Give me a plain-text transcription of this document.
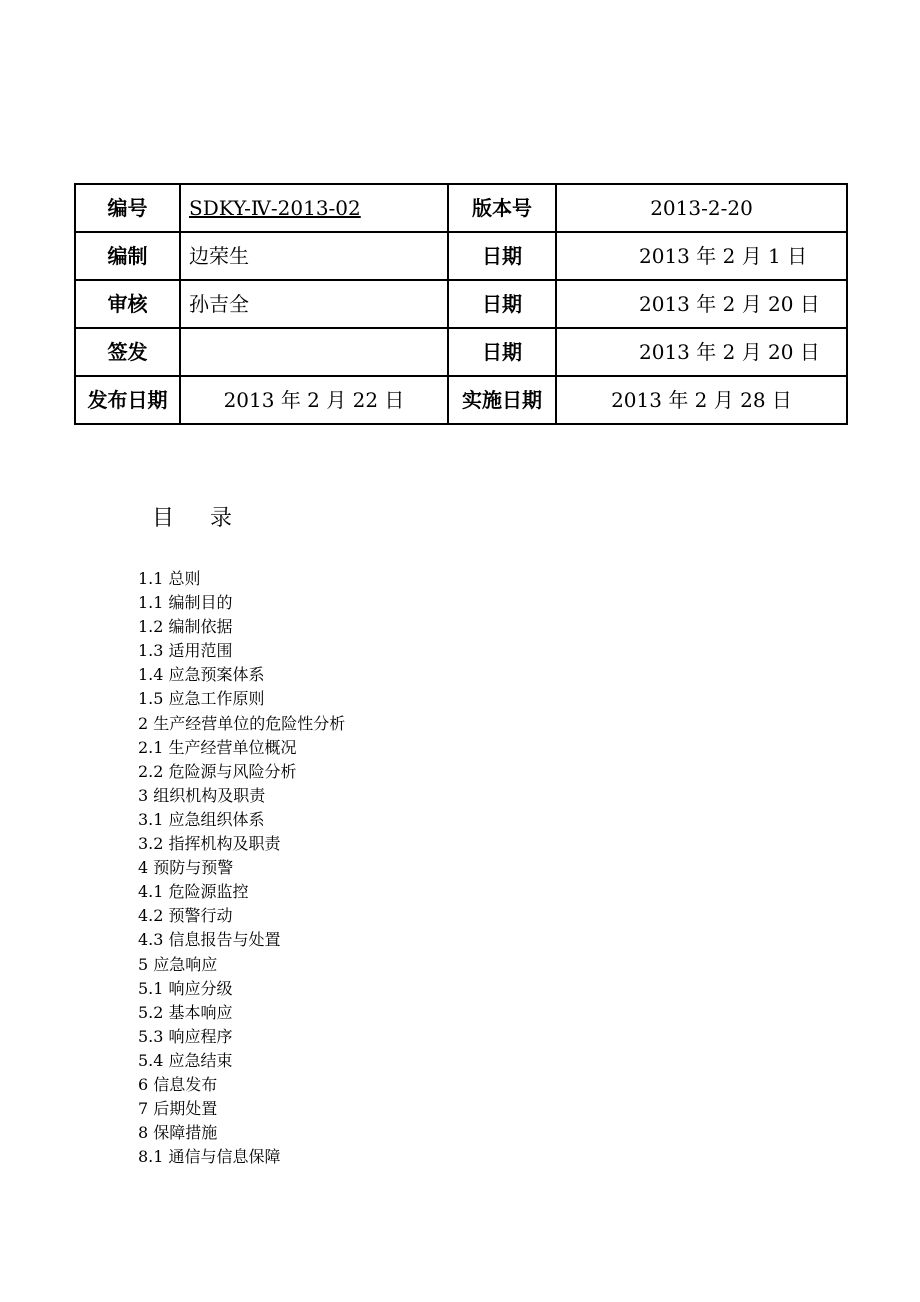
编号	SDKY-Ⅳ-2013-02	版本号	2013-2-20
编制	边荣生	日期	2013 年 2 月 1 日
审核	孙吉全	日期	2013 年 2 月 20 日
签发		日期	2013 年 2 月 20 日
发布日期	2013 年 2 月 22 日	实施日期	2013 年 2 月 28 日
目录
1.1 总则
1.1 编制目的
1.2 编制依据
1.3 适用范围
1.4 应急预案体系
1.5 应急工作原则
2 生产经营单位的危险性分析
2.1 生产经营单位概况
2.2 危险源与风险分析
3 组织机构及职责
3.1 应急组织体系
3.2 指挥机构及职责
4 预防与预警
4.1 危险源监控
4.2 预警行动
4.3 信息报告与处置
5 应急响应
5.1 响应分级
5.2 基本响应
5.3 响应程序
5.4 应急结束
6 信息发布
7 后期处置
8 保障措施
8.1 通信与信息保障
